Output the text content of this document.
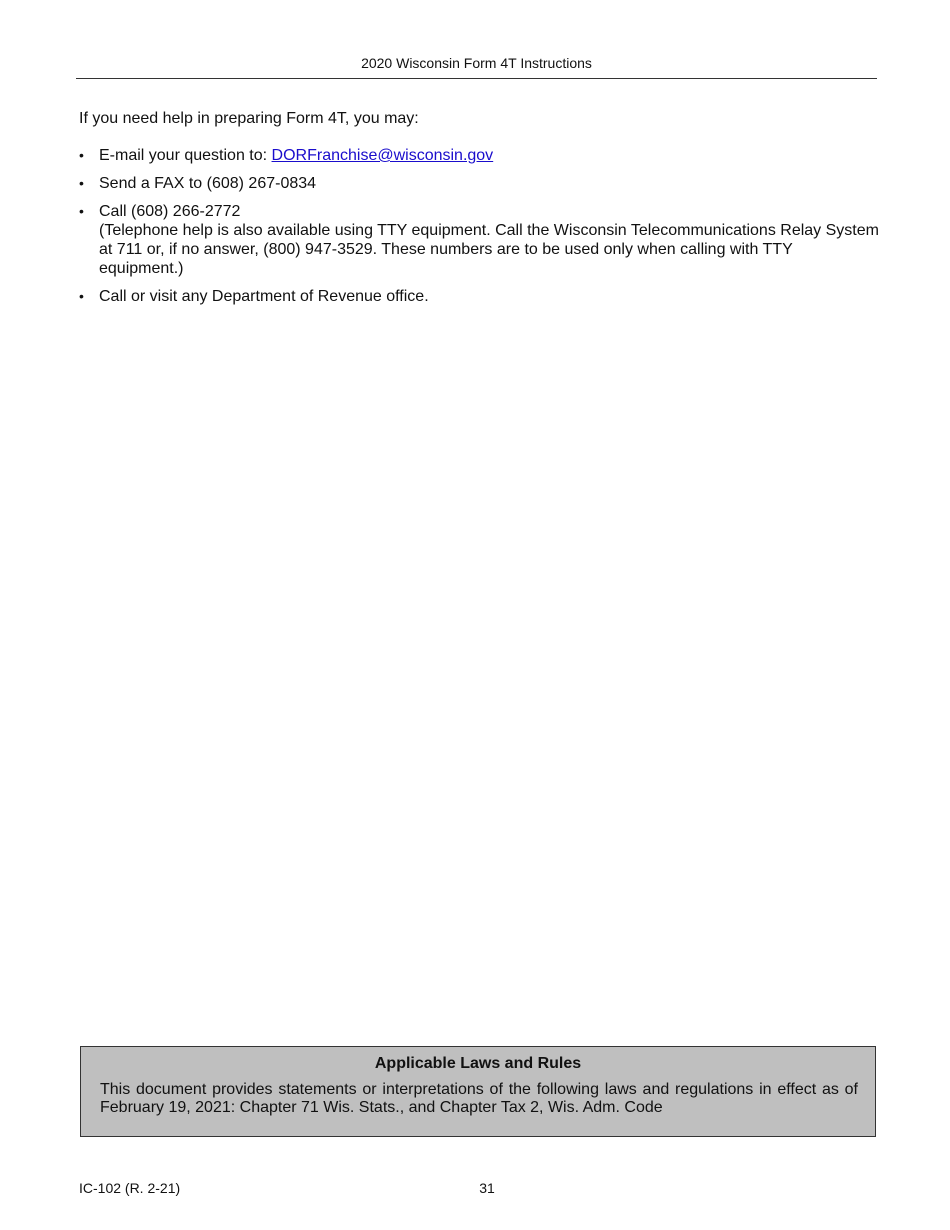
2020 Wisconsin Form 4T Instructions
If you need help in preparing Form 4T, you may:
• E-mail your question to: DORFranchise@wisconsin.gov
• Send a FAX to (608) 267-0834
• Call (608) 266-2772
(Telephone help is also available using TTY equipment. Call the Wisconsin Telecommunications Relay System at 711 or, if no answer, (800) 947-3529. These numbers are to be used only when calling with TTY equipment.)
• Call or visit any Department of Revenue office.
Applicable Laws and Rules
This document provides statements or interpretations of the following laws and regulations in effect as of February 19, 2021: Chapter 71 Wis. Stats., and Chapter Tax 2, Wis. Adm. Code
IC-102 (R. 2-21)	31
